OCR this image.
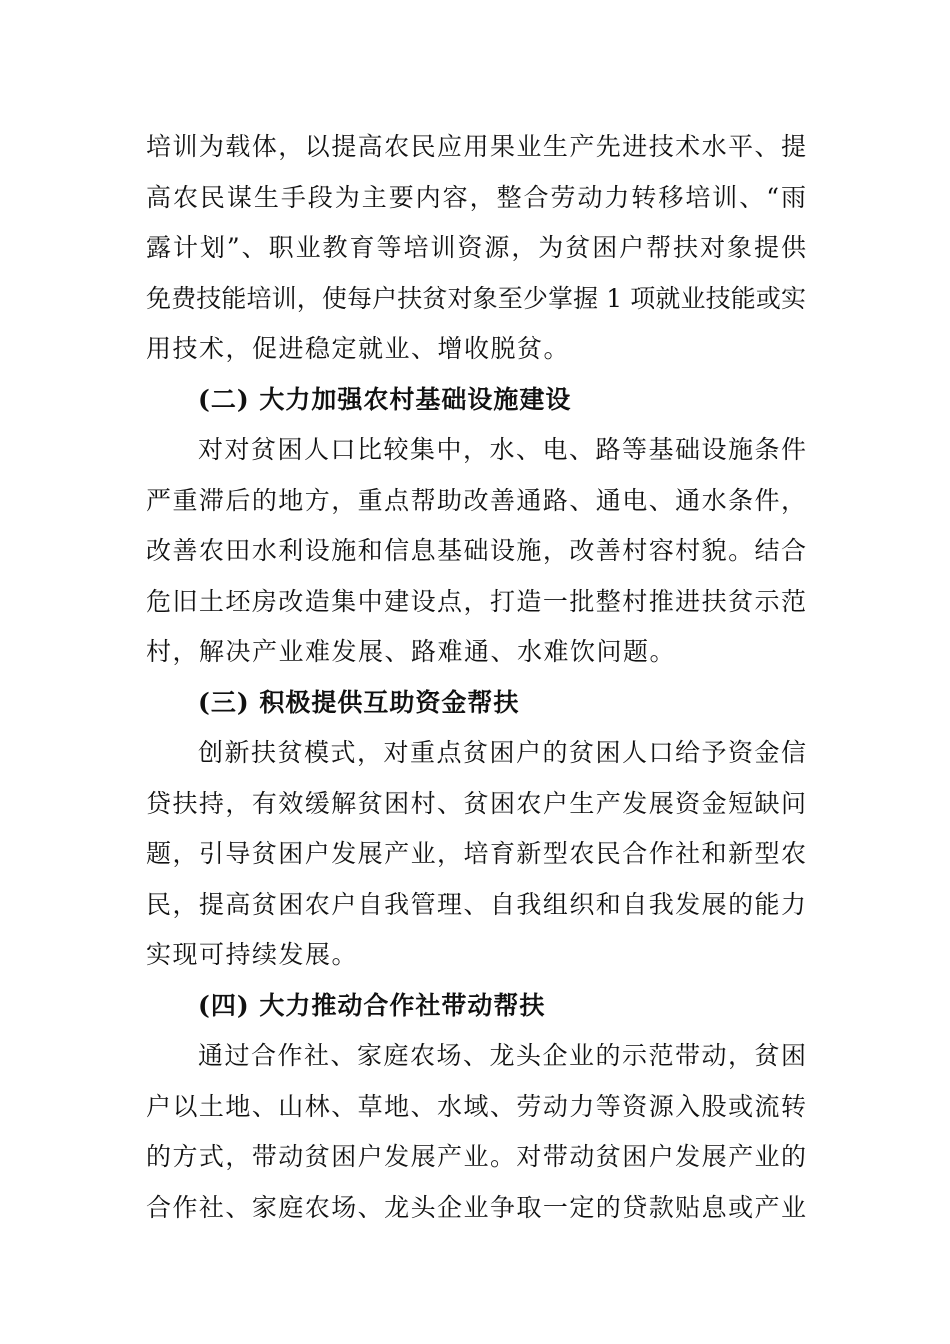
培训为载体，以提高农民应用果业生产先进技术水平、提
高农民谋生手段为主要内容，整合劳动力转移培训、“雨
露计划”、职业教育等培训资源，为贫困户帮扶对象提供
免费技能培训，使每户扶贫对象至少掌握 1 项就业技能或实
用技术，促进稳定就业、增收脱贫。
(二) 大力加强农村基础设施建设
对对贫困人口比较集中，水、电、路等基础设施条件
严重滞后的地方，重点帮助改善通路、通电、通水条件，
改善农田水利设施和信息基础设施，改善村容村貌。结合
危旧土坯房改造集中建设点，打造一批整村推进扶贫示范
村，解决产业难发展、路难通、水难饮问题。
(三) 积极提供互助资金帮扶
创新扶贫模式，对重点贫困户的贫困人口给予资金信
贷扶持，有效缓解贫困村、贫困农户生产发展资金短缺问
题，引导贫困户发展产业，培育新型农民合作社和新型农
民，提高贫困农户自我管理、自我组织和自我发展的能力
实现可持续发展。
(四) 大力推动合作社带动帮扶
通过合作社、家庭农场、龙头企业的示范带动，贫困
户以土地、山林、草地、水域、劳动力等资源入股或流转
的方式，带动贫困户发展产业。对带动贫困户发展产业的
合作社、家庭农场、龙头企业争取一定的贷款贴息或产业
